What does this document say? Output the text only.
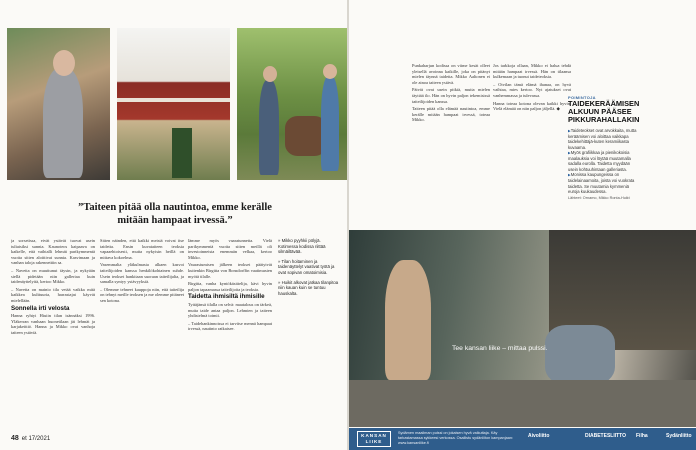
”Taiteen pitää olla nautintoa, emme kerälle mitään hampaat irvessä.”

ja sorsetissa, eivät ystävät tuovat usein tuliaisiksi sunnia. Kaunoteos kaipaava on kaikelle, että vaihtalli lehmät parikymmentä vuotta sitten aloittivat sunnia. Kasvimaan ja vanhan taloja rakennettiin sa.

– Navetta on muuttunut täysin, ja nykyään siellä pidetään niin galleriaa kuin taidenäyttelyitä, kertoo Mikko.

– Navetta on mainio tila vetää vaikka mitä kaikkea kulttuuria, harrastajat käyvät mielellään.

Sonnella irti velosta

Hanna ryhtyi Hiuiin tilan isännäksi 1996. Yläkerran vanhaan huonetilaan jäi lehmät ja karjakeittiö. Hanna ja Mikko ovat vanhoja taiteen ystäviä.

Sitten näinden, että kaikki meistä voivat itse taidetta. Ensin kuvataiteen teoksia vapaaehtoisesti, mutta nykyisin heillä on mittava kokoelma.

Vasemmalta yläkulmasta alkaen kasvoi taiteilijoiden kanssa henkilökohtainen suhde. Usein teokset hankitaan suoraan taiteilijalta, ja samalla syntyy ystävyyksiä.

– Olemme tehneet kauppoja niin, että taiteilija on tehnyt meille teoksen ja me olemme pitäneet sen kotona.

lämme myös vaaratunnetta. Vielä parikymmentä vuotta sitten meillä oli investoinneista enemmän velkaa, kertoo Mikko.

Vaurastumisen jälkeen teokset päätyivät kuitenkin Birgitta von Bonsdorffin vaatimusten myötä tilalle.

Birgitta, vanha kyntökäsittelija, kävi hyvin paljon tapaamassa taiteilijoita ja teoksia.

Taidetta ihmisiltä ihmisille

Tyttäjänsä tilalla on selvä: maatalous on tärkeä, mutta taide antaa paljon. Lehmien ja taiteen yhdistelmä toimii.

– Taidehankinnoissa ei tarvitse mennä hampaat irvessä, nautinto ratkaisee.

» Mikko pyyhkii pölyjä. Kotimessa kodissa riittää silmäiltävää.
» Tilan hoitaminen ja taidenäyttelyt vaativat työtä ja ovat sopivan omatoimisia.
» Huikit alkovat jatkaa tilanpitoa niin kauan kuin se tuntuu hauskalta.

Punkaharjun kodissa on viime kesät olleet yleisellä avoinna kaikille, joka on pitänyt mielen täynnä taidetta. Mikko Aaltonen ei ole ainoa taiteen ystävä.

Päivät ovat usein pitkiä, mutta mielen täyttää ilo. Hän on hyvin paljon tekemisissä taiteilijoiden kanssa.

Taiteen pitää olla elämää nautintoa, emme kerälle mitään hampaat irvessä, toteaa Mikko.

Jos tarkkoja ollaan, Mikko ei halua tehdä mitään hampaat irvessä. Hän on tilaansa kulkemaan ja tuonut taideteoksia.

– Oivilan tämä elämä ihanaa, on hyvä vaihtaa, mies kertoo. Nyt ajatukset ovat vanhemmassa ja tulevassa.

Hanna toteaa kotona olevan kaikki hyvin. Vielä elämää on niin paljon jäljellä. ◆

POIMINTOJA
TAIDEKERÄÄMISEN ALKUUN PÄÄSEE PIKKURAHALLAKIN
▶ Taideteokset ovat arvokkaita, mutta keräämisen voi aloittaa vaikkapa taidekehittäjä-kuten keramiikasta kuvaama.
▶ Myös grafiikkaa ja pienikokoisia maalauksia voi löytää muutamalla sadalla eurolla. Taidetta myydään usein kohtuuhintaan galleriasta.
▶ Monissa kaupungeissa on taidelainaamoita, joista voi vuokrata taidetta. Se muutamia kymmeniä euroja kuukaudessa.
Lähteet: Ornamo, Mikko Ronta-Huikt
Tee kansan liike – mittaa pulssi.
KANSAN LIIKE
Sydämen maailman pulssi on jokaisen hyvä vaikuttaja. Käy tarkastamassa sykkeesi verkossa. Osallistu sydänliiton kampanjaan: www.kansanliike.fi
Aivoliitto	DIABETESLIITTO Filha	Sydänliitto
48 et 17/2021
